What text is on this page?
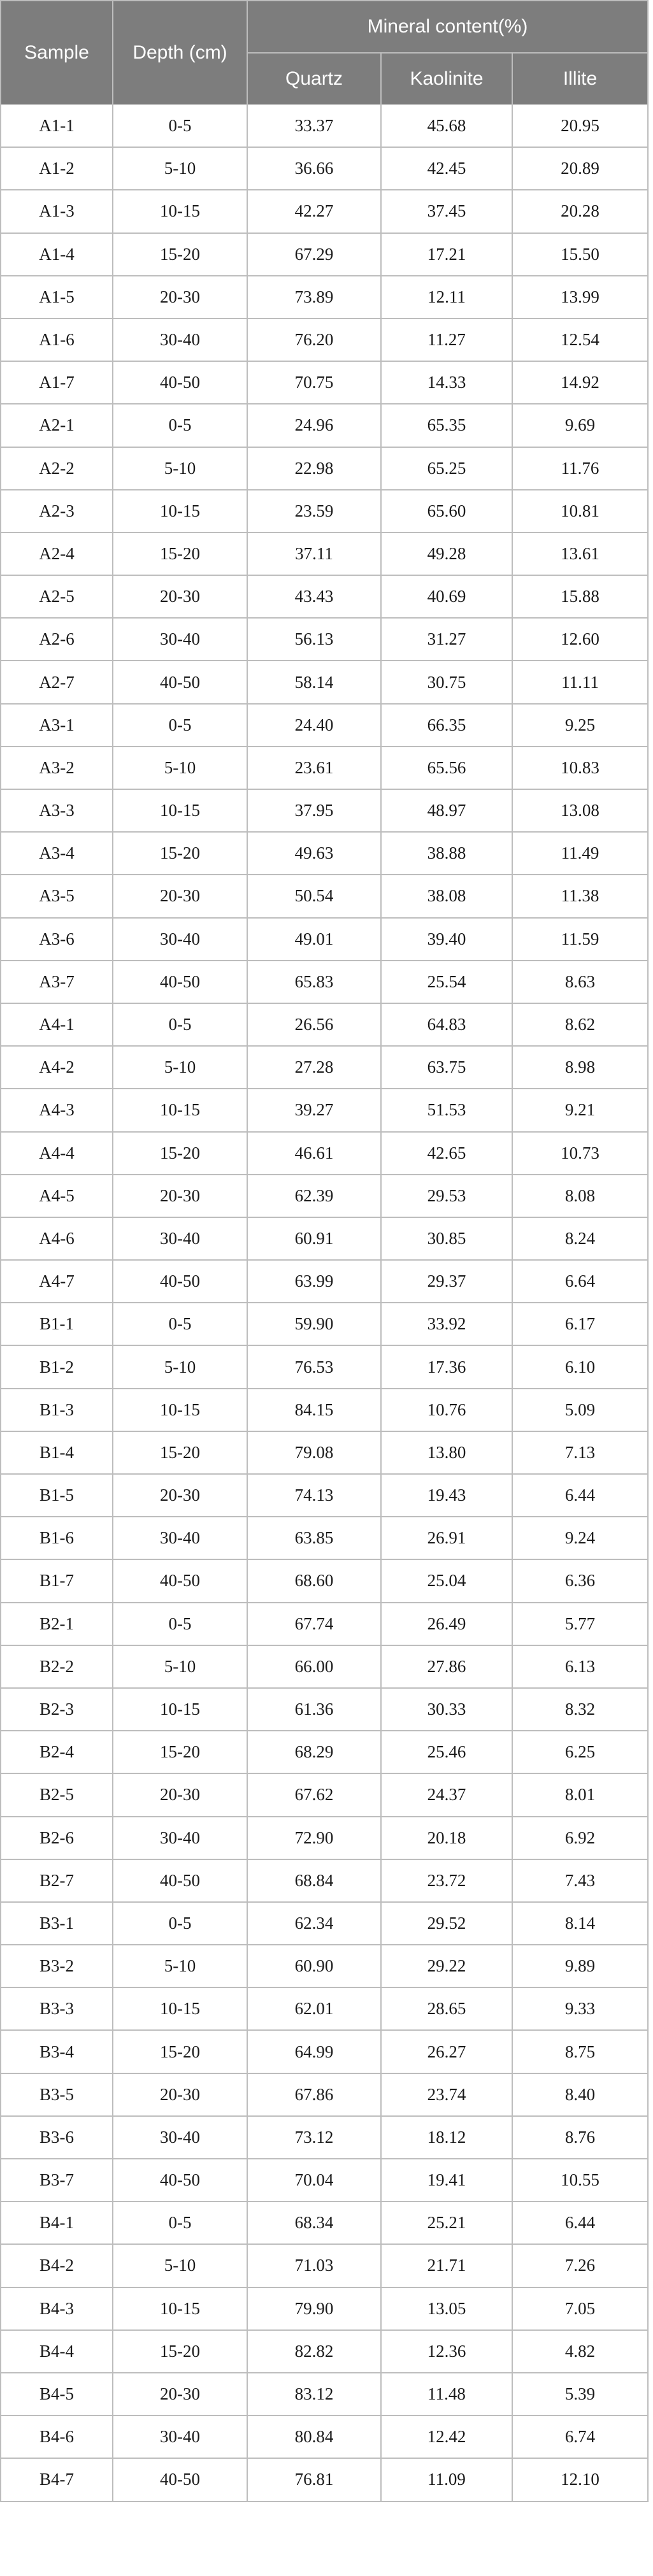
Sample	Depth (cm)	Mineral content(%)		
		Quartz	Kaolinite	Illite
A1-1	0-5	33.37	45.68	20.95
A1-2	5-10	36.66	42.45	20.89
A1-3	10-15	42.27	37.45	20.28
A1-4	15-20	67.29	17.21	15.50
A1-5	20-30	73.89	12.11	13.99
A1-6	30-40	76.20	11.27	12.54
A1-7	40-50	70.75	14.33	14.92
A2-1	0-5	24.96	65.35	9.69
A2-2	5-10	22.98	65.25	11.76
A2-3	10-15	23.59	65.60	10.81
A2-4	15-20	37.11	49.28	13.61
A2-5	20-30	43.43	40.69	15.88
A2-6	30-40	56.13	31.27	12.60
A2-7	40-50	58.14	30.75	11.11
A3-1	0-5	24.40	66.35	9.25
A3-2	5-10	23.61	65.56	10.83
A3-3	10-15	37.95	48.97	13.08
A3-4	15-20	49.63	38.88	11.49
A3-5	20-30	50.54	38.08	11.38
A3-6	30-40	49.01	39.40	11.59
A3-7	40-50	65.83	25.54	8.63
A4-1	0-5	26.56	64.83	8.62
A4-2	5-10	27.28	63.75	8.98
A4-3	10-15	39.27	51.53	9.21
A4-4	15-20	46.61	42.65	10.73
A4-5	20-30	62.39	29.53	8.08
A4-6	30-40	60.91	30.85	8.24
A4-7	40-50	63.99	29.37	6.64
B1-1	0-5	59.90	33.92	6.17
B1-2	5-10	76.53	17.36	6.10
B1-3	10-15	84.15	10.76	5.09
B1-4	15-20	79.08	13.80	7.13
B1-5	20-30	74.13	19.43	6.44
B1-6	30-40	63.85	26.91	9.24
B1-7	40-50	68.60	25.04	6.36
B2-1	0-5	67.74	26.49	5.77
B2-2	5-10	66.00	27.86	6.13
B2-3	10-15	61.36	30.33	8.32
B2-4	15-20	68.29	25.46	6.25
B2-5	20-30	67.62	24.37	8.01
B2-6	30-40	72.90	20.18	6.92
B2-7	40-50	68.84	23.72	7.43
B3-1	0-5	62.34	29.52	8.14
B3-2	5-10	60.90	29.22	9.89
B3-3	10-15	62.01	28.65	9.33
B3-4	15-20	64.99	26.27	8.75
B3-5	20-30	67.86	23.74	8.40
B3-6	30-40	73.12	18.12	8.76
B3-7	40-50	70.04	19.41	10.55
B4-1	0-5	68.34	25.21	6.44
B4-2	5-10	71.03	21.71	7.26
B4-3	10-15	79.90	13.05	7.05
B4-4	15-20	82.82	12.36	4.82
B4-5	20-30	83.12	11.48	5.39
B4-6	30-40	80.84	12.42	6.74
B4-7	40-50	76.81	11.09	12.10
